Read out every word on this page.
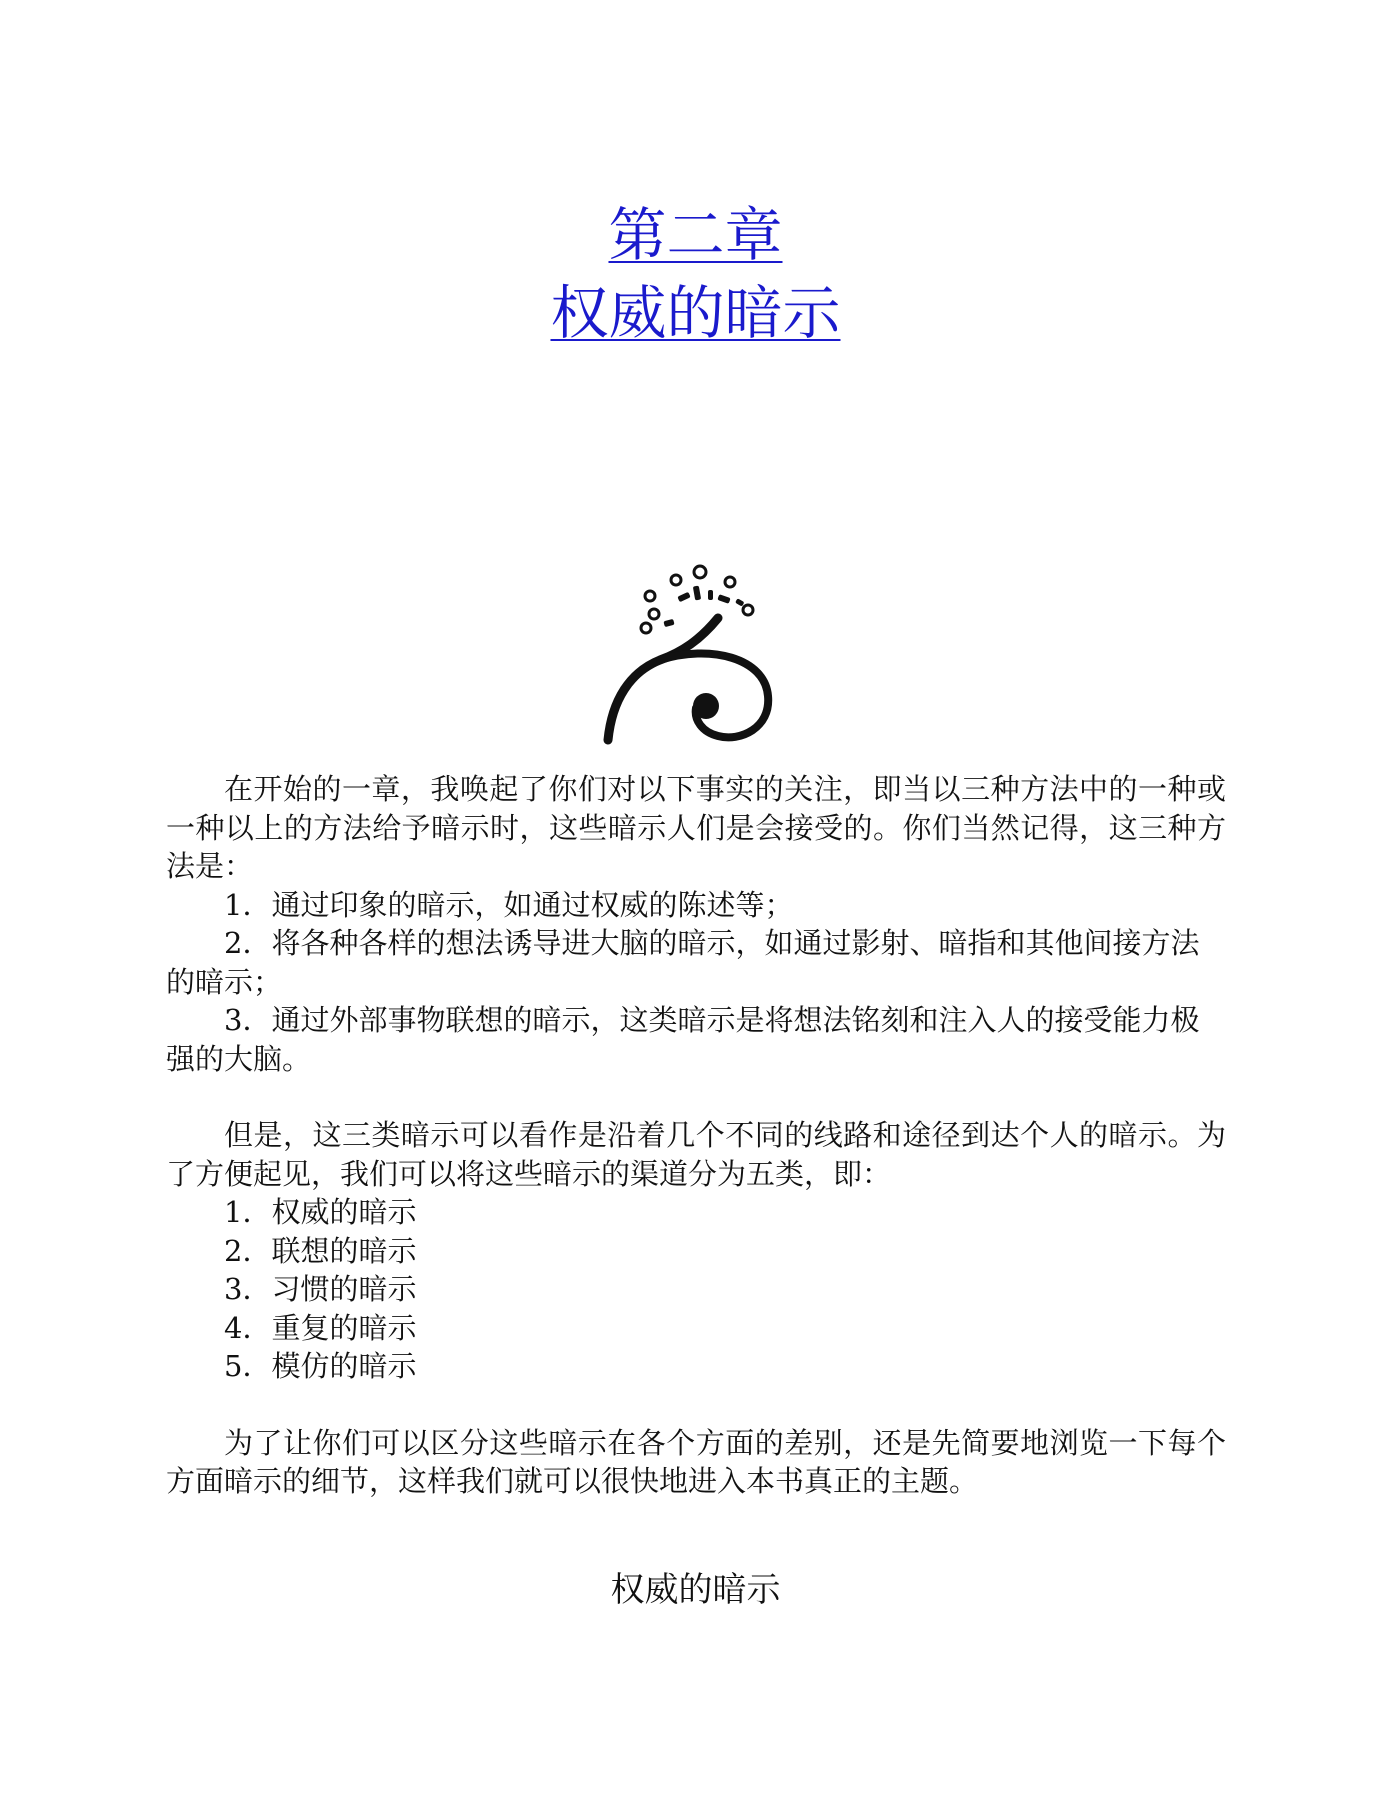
第二章
权威的暗示

在开始的一章，我唤起了你们对以下事实的关注，即当以三种方法中的一种或一种以上的方法给予暗示时，这些暗示人们是会接受的。你们当然记得，这三种方法是：

1．通过印象的暗示，如通过权威的陈述等；

2．将各种各样的想法诱导进大脑的暗示，如通过影射、暗指和其他间接方法的暗示；

3．通过外部事物联想的暗示，这类暗示是将想法铭刻和注入人的接受能力极强的大脑。

但是，这三类暗示可以看作是沿着几个不同的线路和途径到达个人的暗示。为了方便起见，我们可以将这些暗示的渠道分为五类，即：

1．权威的暗示

2．联想的暗示

3．习惯的暗示

4．重复的暗示

5．模仿的暗示

为了让你们可以区分这些暗示在各个方面的差别，还是先简要地浏览一下每个方面暗示的细节，这样我们就可以很快地进入本书真正的主题。

权威的暗示
